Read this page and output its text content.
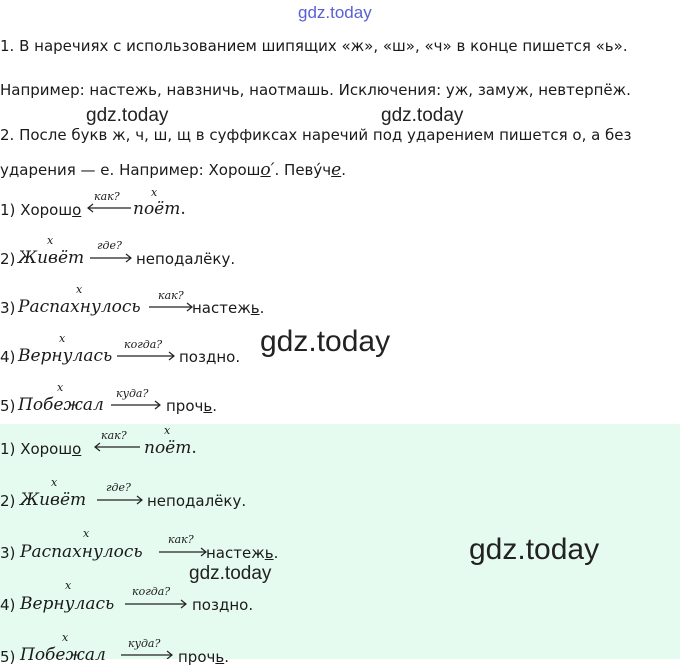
gdz.today
gdz.today	gdz.today
gdz.today
gdz.today
gdz.today
1. В наречиях с использованием шипящих «ж», «ш», «ч» в конце пишется «ь».
Например: настежь, навзничь, наотмашь. Исключения: уж, замуж, невтерпёж.
2. После букв ж, ч, ш, щ в суффиксах наречий под ударением пишется о, а без
ударения — е. Например: Хорошо′. Певу́че.
1) Хорошо
как?	x
поёт.
2)
x
Живёт
где?
неподалёку.
3)
x
Распахнулось
как?
настежь.
4)
x
Вернулась
когда?
поздно.
5)
x
Побежал
куда?
прочь.
1) Хорошо
как?	x
поёт.
2)
x
Живёт
где?
неподалёку.
3)
x
Распахнулось
как?
настежь.
4)
x
Вернулась
когда?
поздно.
5)
x
Побежал
куда?
прочь.
